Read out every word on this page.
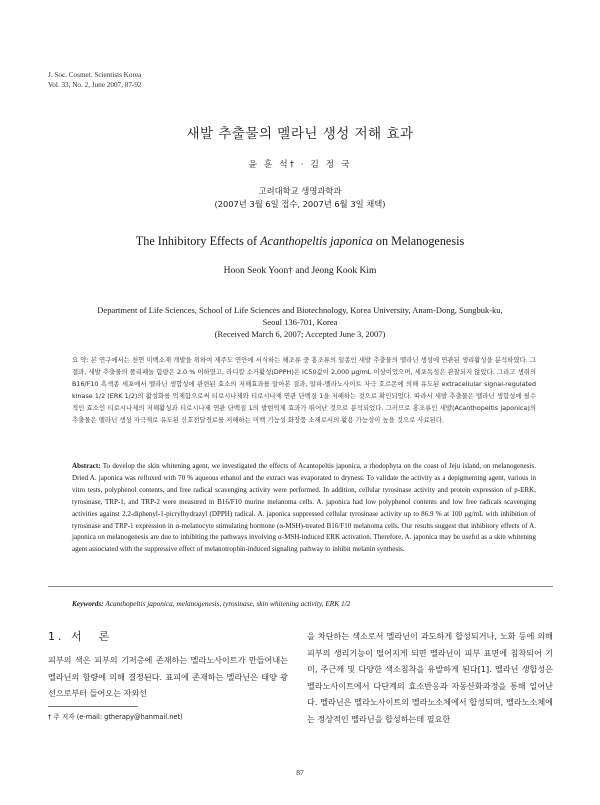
J. Soc. Cosmet. Scientists Korea
Vol. 33, No. 2, June 2007, 87-92
새발 추출물의 멜라닌 생성 저해 효과
윤 훈 석† · 김 정 국
고려대학교 생명과학과
(2007년 3월 6일 접수, 2007년 6월 3일 채택)
The Inhibitory Effects of Acanthopeltis japonica on Melanogenesis
Hoon Seok Yoon† and Jeong Kook Kim
Department of Life Sciences, School of Life Sciences and Biotechnology, Korea University, Anam-Dong, Sungbuk-ku,
Seoul 136-701, Korea
(Received March 6, 2007; Accepted June 3, 2007)
요 약: 본 연구에서는 천연 미백소재 개발을 위하여 제주도 연안에 서식하는 해조류 중 홍조류의 일종인 새발 추출물의 멜라닌 생성에 연관된 생리활성을 분석하였다. 그 결과, 새발 추출물의 폴리페놀 함량은 2.0 % 이하였고, 라디칼 소거활성(DPPH)은 IC50값이 2,000 μg/mL 이상이었으며, 세포독성은 관찰되지 않았다. 그리고 생쥐의 B16/F10 흑색종 세포에서 멜라닌 생합성에 관련된 효소의 저해효과를 알아본 결과, 알파-멜라노사이트 자극 호르몬에 의해 유도된 extracellular signal-regulated kinase 1/2 (ERK 1/2)의 활성화를 억제함으로써 티로시나제와 티로시나제 연관 단백질 1을 저해하는 것으로 확인되었다. 따라서 새발 추출물은 멜라닌 생합성에 필수적인 효소인 티로시나제의 저해활성과 티로시나제 연관 단백질 1의 발현억제 효과가 뛰어난 것으로 분석되었다. 그러므로 홍조류인 새발(Acanthopeltis japonica)의 추출물은 멜라닌 생성 자극제로 유도된 신호전달경로를 저해하는 미백 기능성 화장품 소재로서의 활용 가능성이 높을 것으로 사료된다.
Abstract: To develop the skin whitening agent, we investigated the effects of Acantopeltis japonica, a rhodophyta on the coast of Jeju island, on melanogenesis. Dried A. japonica was refluxed with 70 % aqueous ethanol and the extract was evaporated to dryness. To validate the activity as a depigmenting agent, various in vitro tests, polyphenol contents, and free radical scavenging activity were performed. In addition, cellular tyrosinase activity and protein expression of p-ERK, tyrosinase, TRP-1, and TRP-2 were measured in B16/F10 murine melanoma cells. A. japonica had low polyphenol contents and low free radicals scavenging activities against 2,2-diphenyl-1-picrylhydrazyl (DPPH) radical. A. japonica suppressed cellular tyrosinase activity up to 86.9 % at 100 μg/mL with inhibition of tyrosinase and TRP-1 expression in α-melanocyte stimulating hormone (α-MSH)-treated B16/F10 melanoma cells. Our results suggest that inhibitory effects of A. japonica on melanogenesis are due to inhibiting the pathways involving α-MSH-induced ERK activation. Therefore, A. japonica may be useful as a skin whitening agent associated with the suppressive effect of melanotrophin-induced signaling pathway to inhibit melanin synthesis.
Keywords: Acanthopeltis japonica, melanogenesis, tyrosinase, skin whitening activity, ERK 1/2
1. 서　론
피부의 색은 피부의 기저층에 존재하는 멜라노사이트가 만들어내는 멜라닌의 함량에 의해 결정된다. 표피에 존재하는 멜라닌은 태양 광선으로부터 들어오는 자외선
을 차단하는 색소로서 멜라닌이 과도하게 합성되거나, 노화 등에 의해 피부의 생리기능이 떨어지게 되면 멜라닌이 피부 표면에 침착되어 기미, 주근깨 및 다양한 색소침착을 유발하게 된다[1]. 멜라닌 생합성은 멜라노사이트에서 다단계의 효소반응과 자동산화과정을 통해 일어난다. 멜라닌은 멜라노사이트의 멜라노소체에서 합성되며, 멜라노소체에는 정상적인 멜라닌을 합성하는데 필요한
† 주 저자 (e-mail: gtherapy@hanmail.net)
87
